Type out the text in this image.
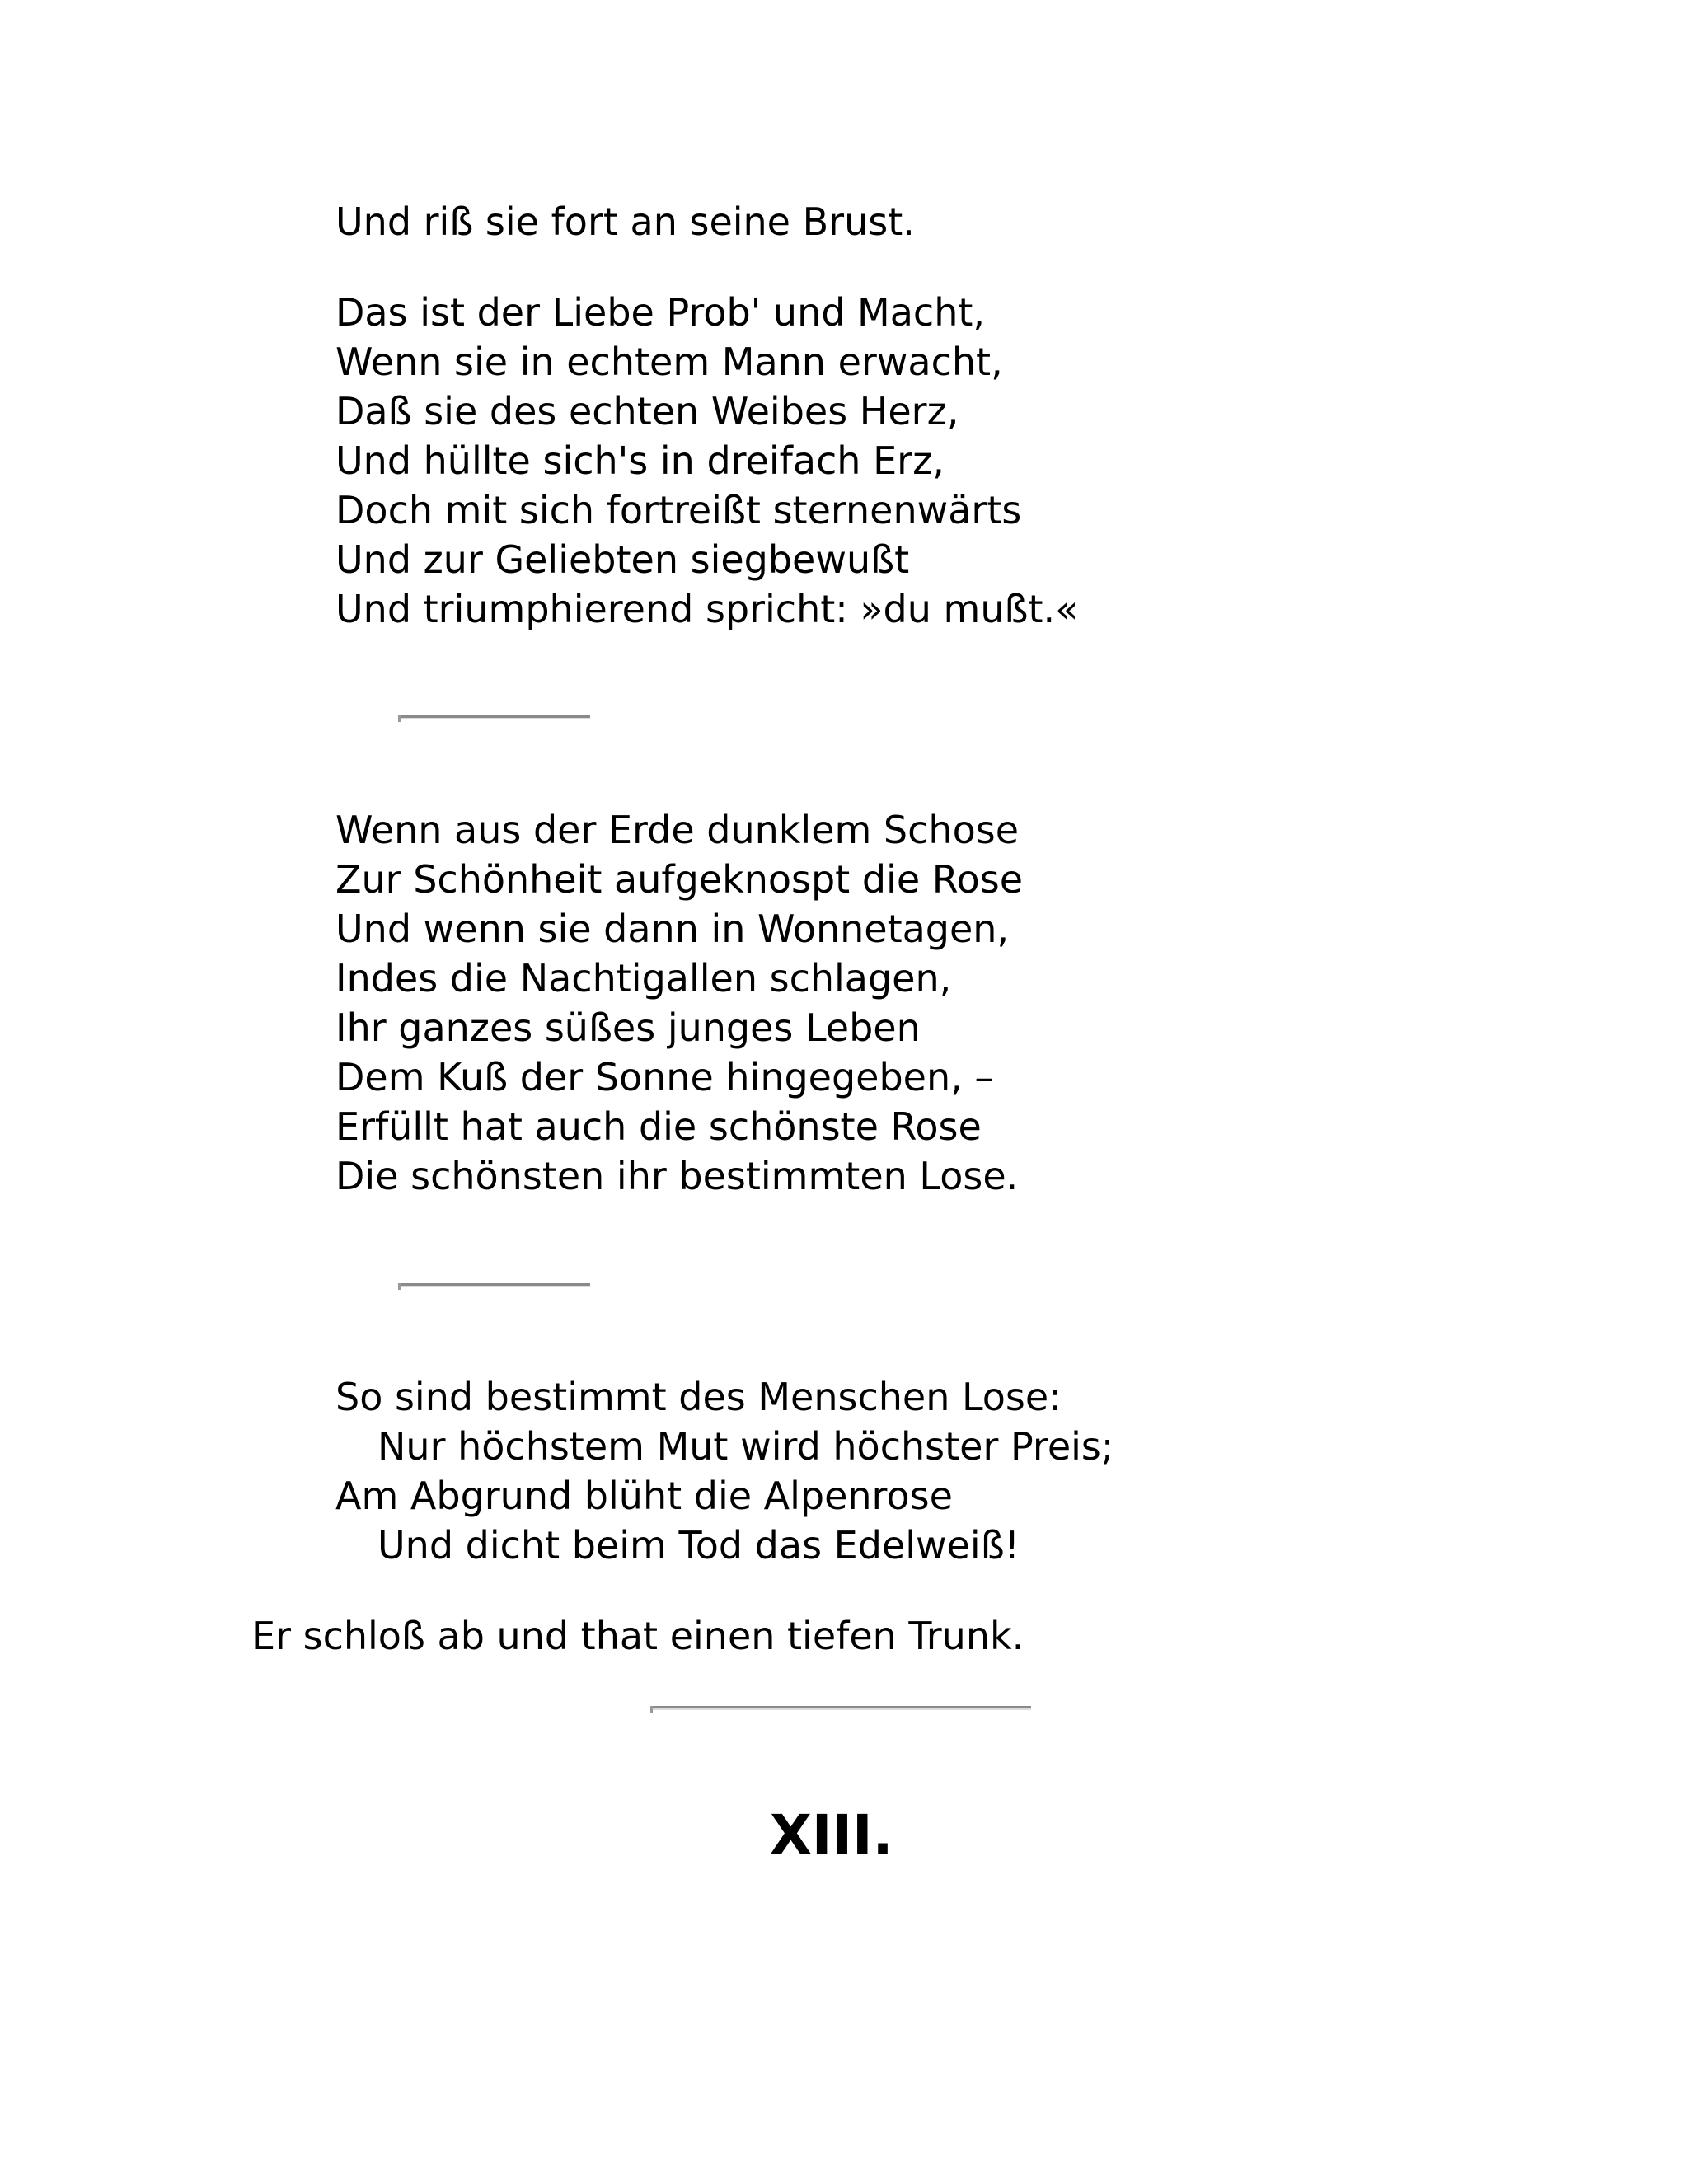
Und riß sie fort an seine Brust.
Das ist der Liebe Prob' und Macht,
Wenn sie in echtem Mann erwacht,
Daß sie des echten Weibes Herz,
Und hüllte sich's in dreifach Erz,
Doch mit sich fortreißt sternenwärts
Und zur Geliebten siegbewußt
Und triumphierend spricht: »du mußt.«
Wenn aus der Erde dunklem Schose
Zur Schönheit aufgeknospt die Rose
Und wenn sie dann in Wonnetagen,
Indes die Nachtigallen schlagen,
Ihr ganzes süßes junges Leben
Dem Kuß der Sonne hingegeben, –
Erfüllt hat auch die schönste Rose
Die schönsten ihr bestimmten Lose.
So sind bestimmt des Menschen Lose:
Nur höchstem Mut wird höchster Preis;
Am Abgrund blüht die Alpenrose
Und dicht beim Tod das Edelweiß!
Er schloß ab und that einen tiefen Trunk.
XIII.
